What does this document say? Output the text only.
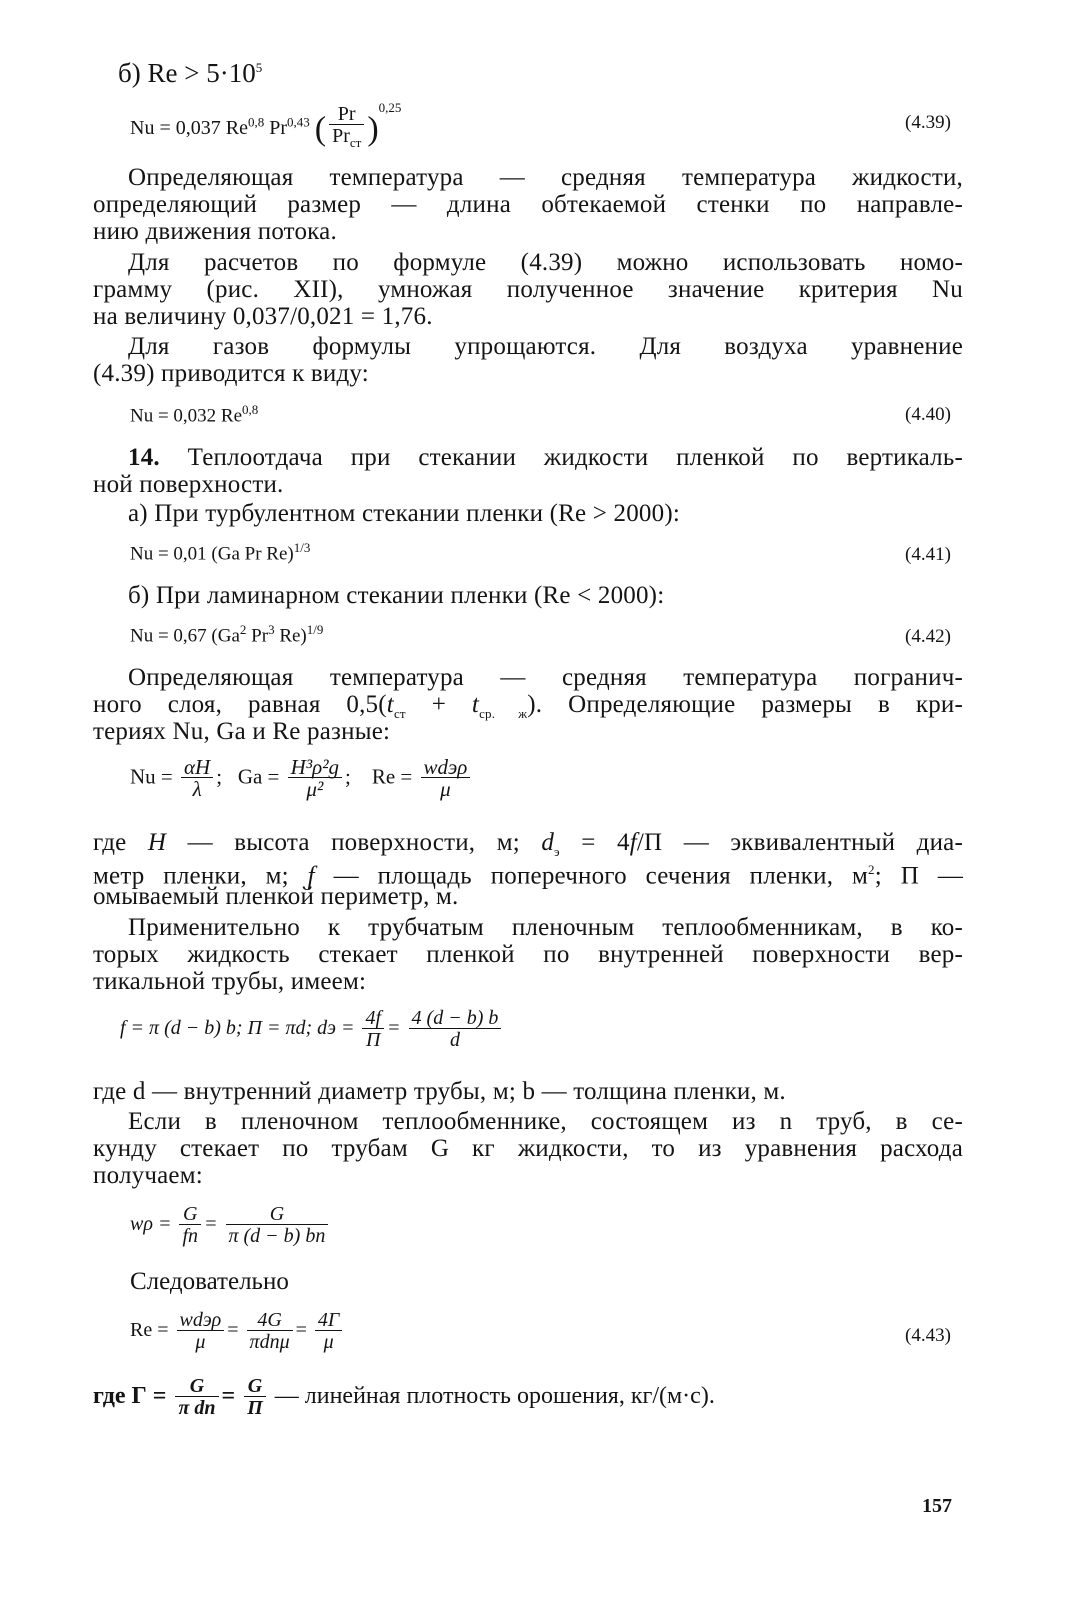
б) $Re > 5\cdot 10^5$
Nu = 0,037 Re$^{0,8}$ Pr$^{0,43}$ ( $\frac{Pr}{Pr_{ст}} )^{0,25}$
(4.39)
Определяющая температура — средняя температура жидкости,
определяющий размер — длина обтекаемой стенки по направле-
нию движения потока.
Для расчетов по формуле (4.39) можно использовать номо-
грамму (рис. XII), умножая полученное значение критерия Nu
на величину 0,037/0,021 = 1,76.
Для газов формулы упрощаются. Для воздуха уравнение
(4.39) приводится к виду:
Nu = 0,032 Re$^{0,8}$	(4.40)
14. Теплоотдача при стекании жидкости пленкой по вертикаль-
ной поверхности.
а) При турбулентном стекании пленки (Re > 2000):
Nu = 0,01 (Ga Pr Re)$^{1/3}$	(4.41)
б) При ламинарном стекании пленки (Re < 2000):
Nu = 0,67 (Ga$^2$ Pr$^3$ Re)$^{1/9}$	(4.42)
Определяющая температура — средняя температура погранич-
ного слоя, равная $0,5(t_{ст} + t_{ср. ж})$. Определяющие размеры в кри-
териях Nu, Ga и Re разные:
$Nu = \frac{\alpha H}{\lambda}$ ; $Ga = \frac{\text{H³ρ²g}}{\text{μ²}}$ ; $Re = \frac{\text{wdэρ}}{\mu}$
где H — высота поверхности, м; $d_э = 4f/П$ — эквивалентный диа-
метр пленки, м; f — площадь поперечного сечения пленки, $м^2$; П —
омываемый пленкой периметр, м.
Применительно к трубчатым пленочным теплообменникам, в ко-
торых жидкость стекает пленкой по внутренней поверхности вер-
тикальной трубы, имеем:
f = π (d − b) b; П = πd; dэ = $\frac{4f}{П} = \frac{4 (d - b) b}{d}$
где d — внутренний диаметр трубы, м; b — толщина пленки, м.
Если в пленочном теплообменнике, состоящем из n труб, в се-
кунду стекает по трубам G кг жидкости, то из уравнения расхода
получаем:
$w\rho = \frac{G}{fn} = \frac{G}{\pi (d - b) bn}$
Следовательно
$Re = \frac{\text{wdэρ}}{\mu} = \frac{4G}{\text{πdnμ}} = \frac{4Г}{\mu}$	(4.43)
где $Г = \frac{G}{\text{π dn}} = \frac{G}{П}$ — линейная плотность орошения, кг/(м·с).
157
